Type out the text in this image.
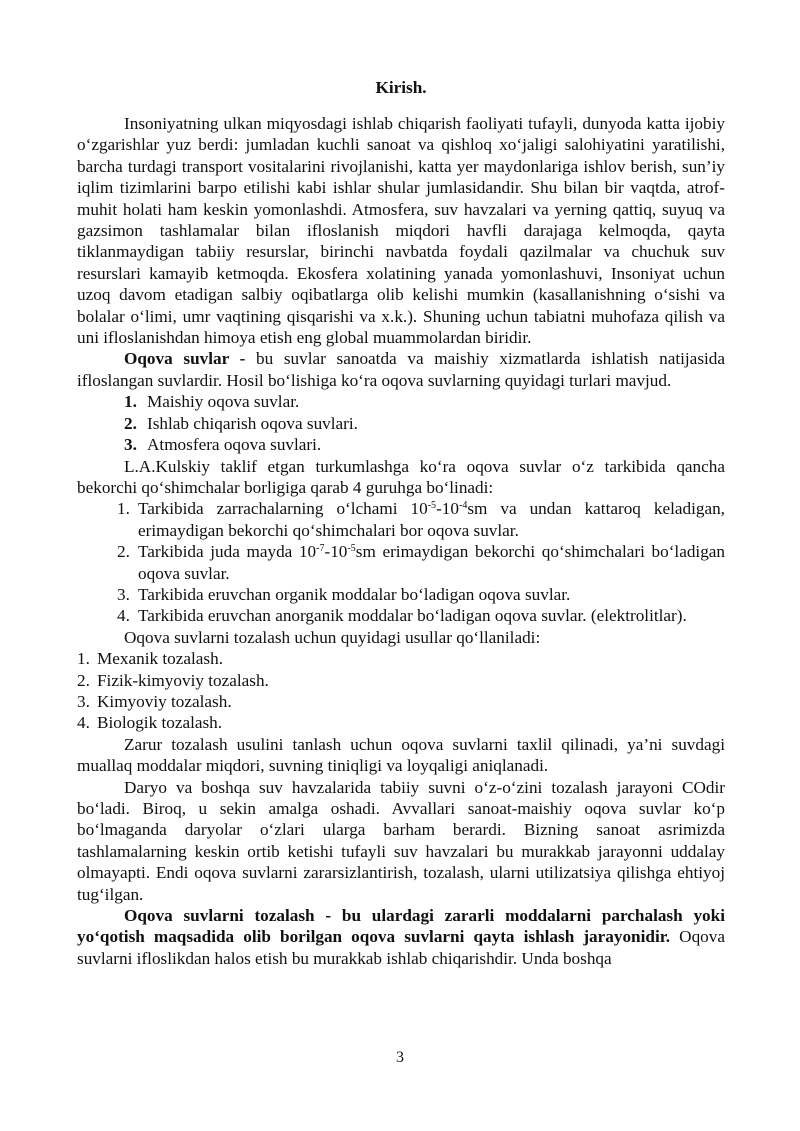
Kirish.

Insoniyatning ulkan miqyosdagi ishlab chiqarish faoliyati tufayli, dunyoda katta ijobiy o‘zgarishlar yuz berdi: jumladan kuchli sanoat va qishloq xo‘jaligi salohiyatini yaratilishi, barcha turdagi transport vositalarini rivojlanishi, katta yer maydonlariga ishlov berish, sun’iy iqlim tizimlarini barpo etilishi kabi ishlar shular jumlasidandir. Shu bilan bir vaqtda, atrof-muhit holati ham keskin yomonlashdi. Atmosfera, suv havzalari va yerning qattiq, suyuq va gazsimon tashlamalar bilan ifloslanish miqdori havfli darajaga kelmoqda, qayta tiklanmaydigan tabiiy resurslar, birinchi navbatda foydali qazilmalar va chuchuk suv resurslari kamayib ketmoqda. Ekosfera xolatining yanada yomonlashuvi, Insoniyat uchun uzoq davom etadigan salbiy oqibatlarga olib kelishi mumkin (kasallanishning o‘sishi va bolalar o‘limi, umr vaqtining qisqarishi va x.k.). Shuning uchun tabiatni muhofaza qilish va uni ifloslanishdan himoya etish eng global muammolardan biridir.

Oqova suvlar - bu suvlar sanoatda va maishiy xizmatlarda ishlatish natijasida ifloslangan suvlardir. Hosil bo‘lishiga ko‘ra oqova suvlarning quyidagi turlari mavjud.

1. Maishiy oqova suvlar.
2. Ishlab chiqarish oqova suvlari.
3. Atmosfera oqova suvlari.

L.A.Kulskiy taklif etgan turkumlashga ko‘ra oqova suvlar o‘z tarkibida qancha bekorchi qo‘shimchalar borligiga qarab 4 guruhga bo‘linadi:

1. Tarkibida zarrachalarning o‘lchami $10^{-5}-10^{-4}sm$ va undan kattaroq keladigan, erimaydigan bekorchi qo‘shimchalari bor oqova suvlar.
2. Tarkibida juda mayda $10^{-7}-10^{-5}sm$ erimaydigan bekorchi qo‘shimchalari bo‘ladigan oqova suvlar.
3. Tarkibida eruvchan organik moddalar bo‘ladigan oqova suvlar.
4. Tarkibida eruvchan anorganik moddalar bo‘ladigan oqova suvlar. (elektrolitlar).

Oqova suvlarni tozalash uchun quyidagi usullar qo‘llaniladi:

1. Mexanik tozalash.
2. Fizik-kimyoviy tozalash.
3. Kimyoviy tozalash.
4. Biologik tozalash.

Zarur tozalash usulini tanlash uchun oqova suvlarni taxlil qilinadi, ya’ni suvdagi muallaq moddalar miqdori, suvning tiniqligi va loyqaligi aniqlanadi.

Daryo va boshqa suv havzalarida tabiiy suvni o‘z-o‘zini tozalash jarayoni COdir bo‘ladi. Biroq, u sekin amalga oshadi. Avvallari sanoat-maishiy oqova suvlar ko‘p bo‘lmaganda daryolar o‘zlari ularga barham berardi. Bizning sanoat asrimizda tashlamalarning keskin ortib ketishi tufayli suv havzalari bu murakkab jarayonni uddalay olmayapti. Endi oqova suvlarni zararsizlantirish, tozalash, ularni utilizatsiya qilishga ehtiyoj tug‘ilgan.

Oqova suvlarni tozalash - bu ulardagi zararli moddalarni parchalash yoki yo‘qotish maqsadida olib borilgan oqova suvlarni qayta ishlash jarayonidir. Oqova suvlarni ifloslikdan halos etish bu murakkab ishlab chiqarishdir. Unda boshqa

3
